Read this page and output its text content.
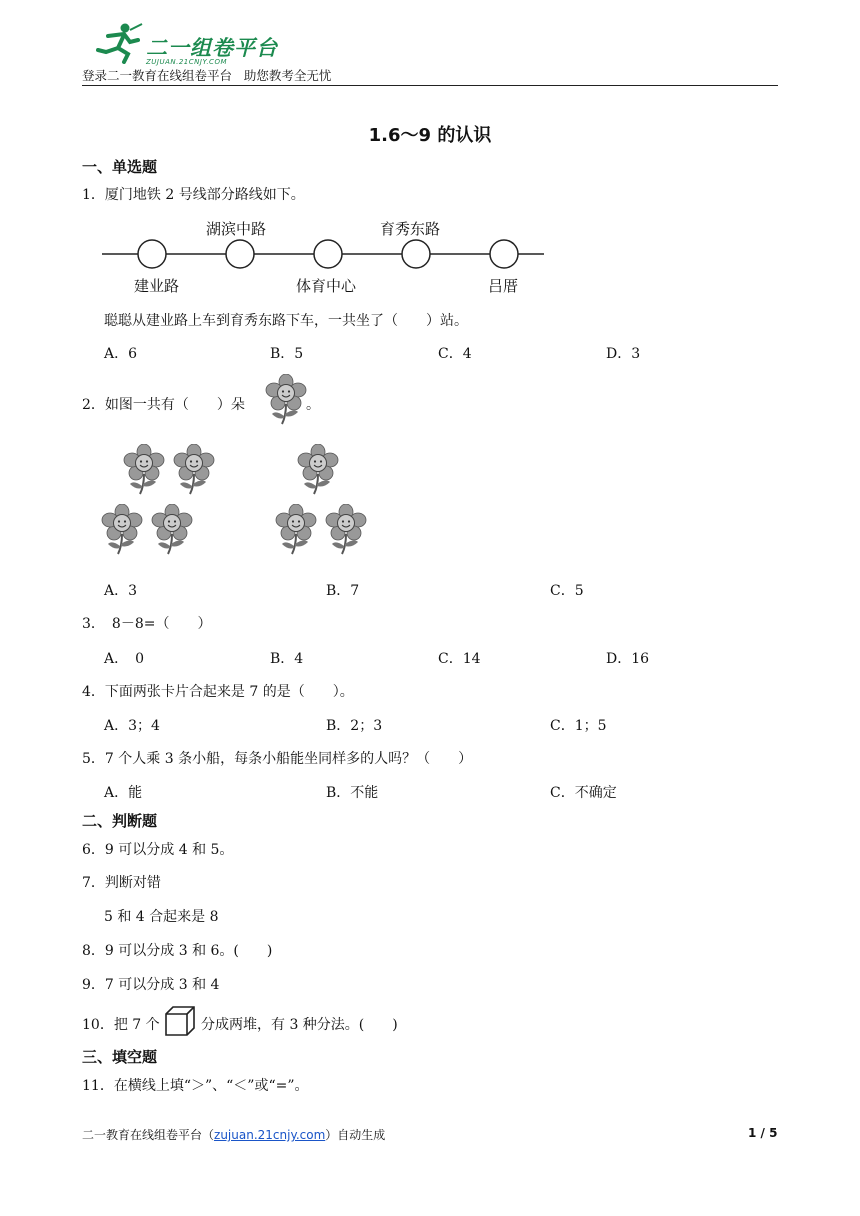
二一组卷平台
ZUJUAN.21CNJY.COM
登录二一教育在线组卷平台   助您教考全无忧
1.6～9 的认识
一、单选题
1．厦门地铁 2 号线部分路线如下。
湖滨中路	育秀东路
建业路	体育中心	吕厝
聪聪从建业路上车到育秀东路下车，一共坐了（　　）站。
A．6	B．5	C．4	D．3
2．如图一共有（　　）朵	。
A．3	B．7	C．5
3．　8－8=（　　）
A．　0	B．4	C．14	D．16
4．下面两张卡片合起来是 7 的是（　　）。
A．3；4	B．2；3	C．1；5
5．7 个人乘 3 条小船，每条小船能坐同样多的人吗？（　　）
A．能	B．不能	C．不确定
二、判断题
6．9 可以分成 4 和 5。
7．判断对错
5 和 4 合起来是 8
8．9 可以分成 3 和 6。(　　)
9．7 可以分成 3 和 4
10．把 7 个	分成两堆，有 3 种分法。(　　)
三、填空题
11．在横线上填“＞”、“＜”或“=”。
二一教育在线组卷平台（zujuan.21cnjy.com）自动生成	1 / 5
